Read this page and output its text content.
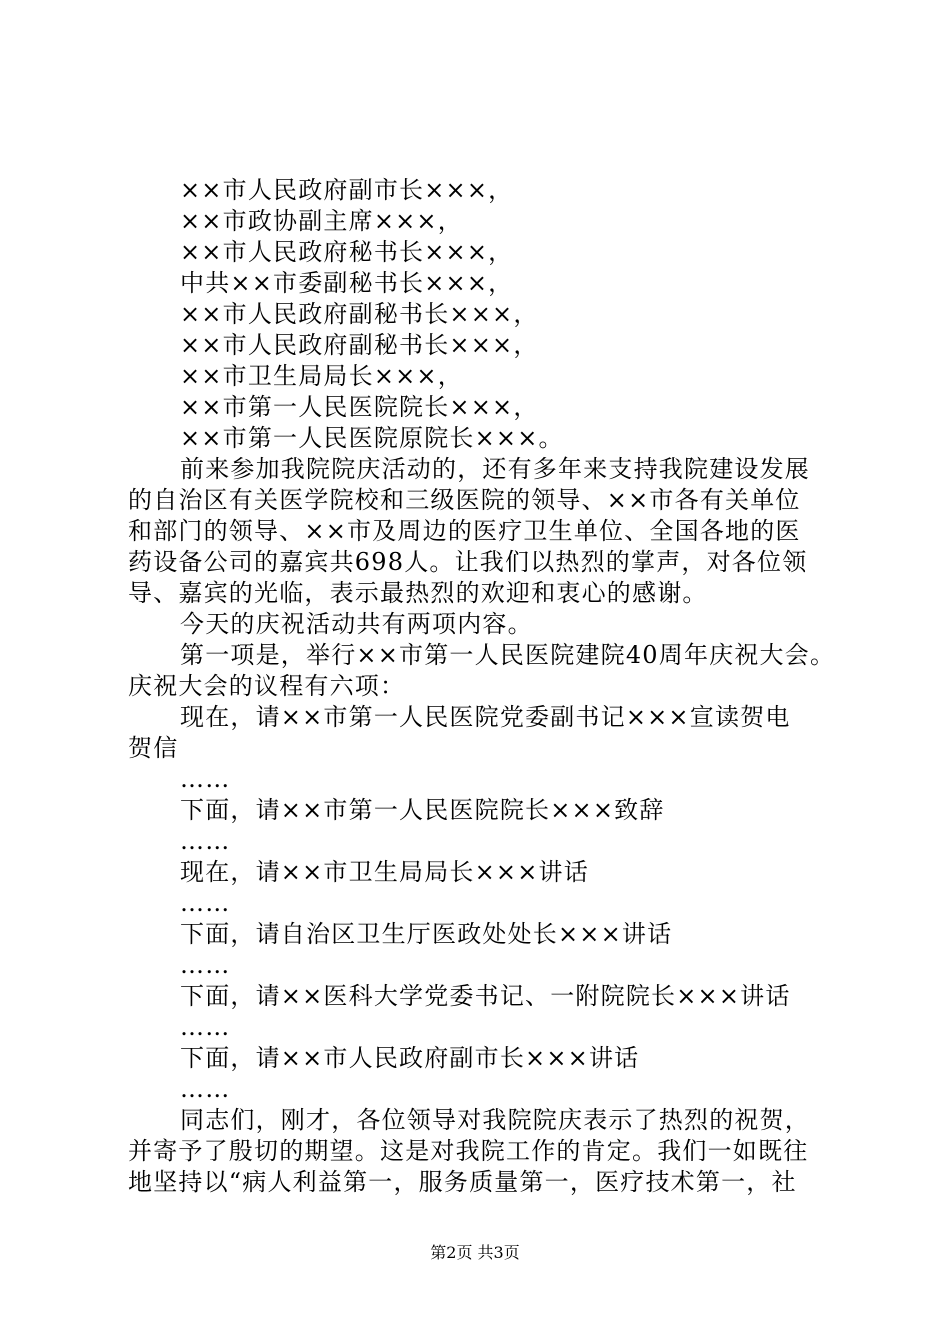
××市人民政府副市长×××，
××市政协副主席×××，
××市人民政府秘书长×××，
中共××市委副秘书长×××，
××市人民政府副秘书长×××，
××市人民政府副秘书长×××，
××市卫生局局长×××，
××市第一人民医院院长×××，
××市第一人民医院原院长×××。
前来参加我院院庆活动的，还有多年来支持我院建设发展
的自治区有关医学院校和三级医院的领导、××市各有关单位
和部门的领导、××市及周边的医疗卫生单位、全国各地的医
药设备公司的嘉宾共698人。让我们以热烈的掌声，对各位领
导、嘉宾的光临，表示最热烈的欢迎和衷心的感谢。
今天的庆祝活动共有两项内容。
第一项是，举行××市第一人民医院建院40周年庆祝大会。
庆祝大会的议程有六项：
现在，请××市第一人民医院党委副书记×××宣读贺电
贺信
……
下面，请××市第一人民医院院长×××致辞
……
现在，请××市卫生局局长×××讲话
……
下面，请自治区卫生厅医政处处长×××讲话
……
下面，请××医科大学党委书记、一附院院长×××讲话
……
下面，请××市人民政府副市长×××讲话
……
同志们，刚才，各位领导对我院院庆表示了热烈的祝贺，
并寄予了殷切的期望。这是对我院工作的肯定。我们一如既往
地坚持以“病人利益第一，服务质量第一，医疗技术第一，社
第2页 共3页
